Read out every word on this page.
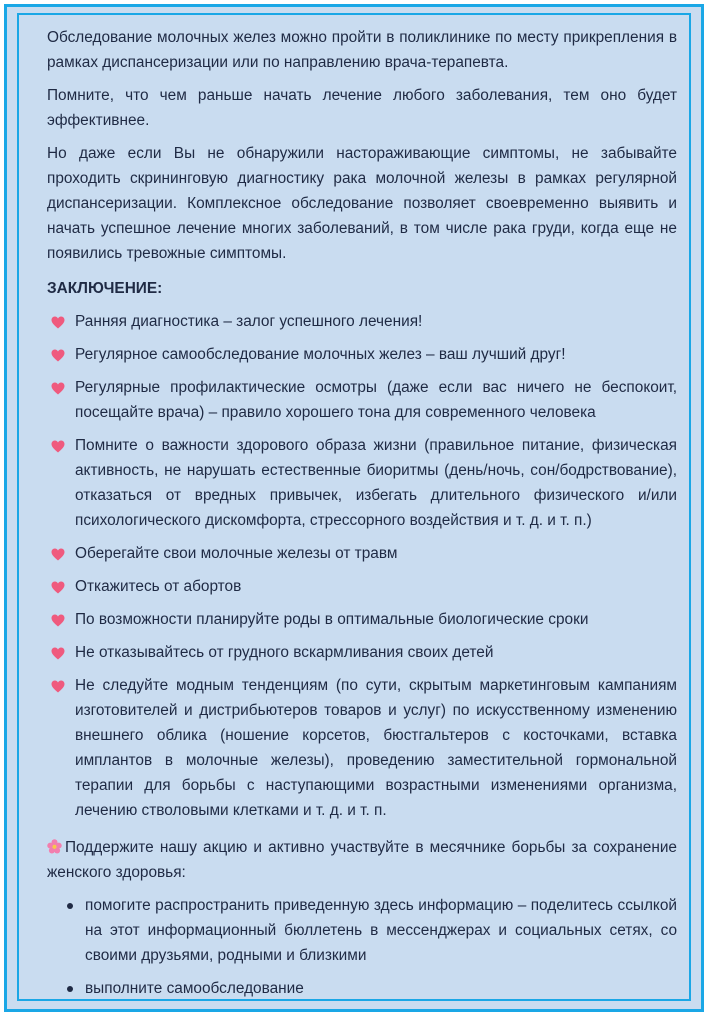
Обследование молочных желез можно пройти в поликлинике по месту прикрепления в рамках диспансеризации или по направлению врача-терапевта.

Помните, что чем раньше начать лечение любого заболевания, тем оно будет эффективнее.

Но даже если Вы не обнаружили настораживающие симптомы, не забывайте проходить скрининговую диагностику рака молочной железы в рамках регулярной диспансеризации. Комплексное обследование позволяет своевременно выявить и начать успешное лечение многих заболеваний, в том числе рака груди, когда еще не появились тревожные симптомы.

ЗАКЛЮЧЕНИЕ:
Ранняя диагностика – залог успешного лечения!
Регулярное самообследование молочных желез – ваш лучший друг!
Регулярные профилактические осмотры (даже если вас ничего не беспокоит, посещайте врача) – правило хорошего тона для современного человека
Помните о важности здорового образа жизни (правильное питание, физическая активность, не нарушать естественные биоритмы (день/ночь, сон/бодрствование), отказаться от вредных привычек, избегать длительного физического и/или психологического дискомфорта, стрессорного воздействия и т. д. и т. п.)
Оберегайте свои молочные железы от травм
Откажитесь от абортов
По возможности планируйте роды в оптимальные биологические сроки
Не отказывайтесь от грудного вскармливания своих детей
Не следуйте модным тенденциям (по сути, скрытым маркетинговым кампаниям изготовителей и дистрибьютеров товаров и услуг) по искусственному изменению внешнего облика (ношение корсетов, бюстгальтеров с косточками, вставка имплантов в молочные железы), проведению заместительной гормональной терапии для борьбы с наступающими возрастными изменениями организма, лечению стволовыми клетками и т. д. и т. п.

Поддержите нашу акцию и активно участвуйте в месячнике борьбы за сохранение женского здоровья:

помогите распространить приведенную здесь информацию – поделитесь ссылкой на этот информационный бюллетень в мессенджерах и социальных сетях, со своими друзьями, родными и близкими
выполните самообследование
